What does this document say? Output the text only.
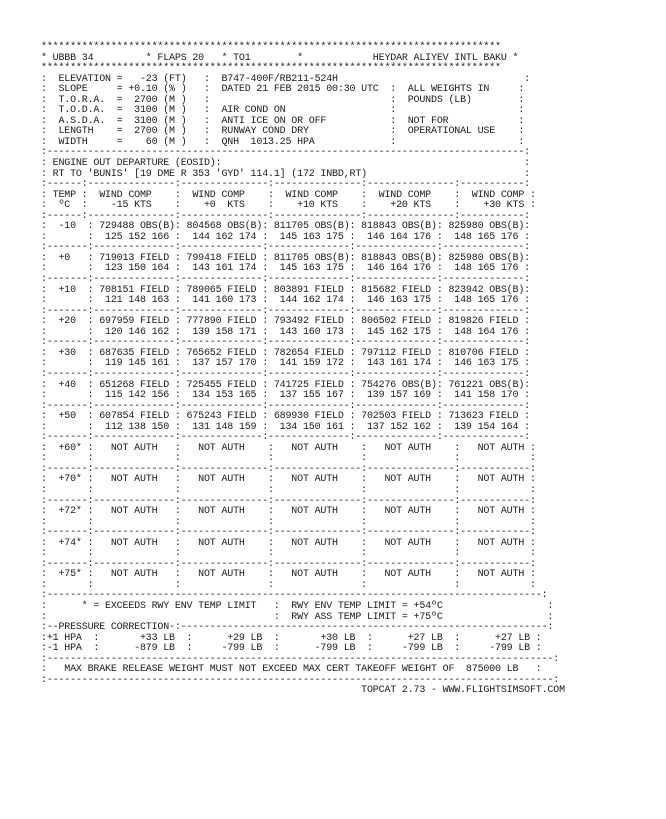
*******************************************************************************
* UBBB 34         * FLAPS 20   * TO1        *            HEYDAR ALIYEV INTL BAKU *
*******************************************************************************
:  ELEVATION =   -23 (FT)   :  B747-400F/RB211-524H                                :
:  SLOPE     = +0.10 (% )   :  DATED 21 FEB 2015 00:30 UTC  :  ALL WEIGHTS IN     :
:  T.O.R.A.  =  2700 (M )   :                               :  POUNDS (LB)        :
:  T.O.D.A.  =  3100 (M )   :  AIR COND ON                  :                     :
:  A.S.D.A.  =  3100 (M )   :  ANTI ICE ON OR OFF           :  NOT FOR            :
:  LENGTH    =  2700 (M )   :  RUNWAY COND DRY              :  OPERATIONAL USE    :
:  WIDTH     =    60 (M )   :  QNH  1013.25 HPA             :                     :
:----------------------------------------------------------------------------------:
: ENGINE OUT DEPARTURE (EOSID):                                                    :
: RT TO 'BUNIS' [19 DME R 353 'GYD' 114.1] (172 INBD,RT)                           :
:------:---------------:---------------:---------------:---------------:-----------:
: TEMP :  WIND COMP    :  WIND COMP    :  WIND COMP    :  WIND COMP    :  WIND COMP :
:  ºC  :    -15 KTS    :    +0  KTS    :    +10 KTS    :    +20 KTS    :    +30 KTS :
:------:---------------:---------------:---------------:---------------:-----------:
:  -10  : 729488 OBS(B): 804568 OBS(B): 811705 OBS(B): 818843 OBS(B): 825980 OBS(B):
:       :  125 152 166 :  144 162 174 :  145 163 175 :  146 164 176 :  148 165 176 :
:-------:--------------:--------------:--------------:--------------:--------------:
:  +0   : 719013 FIELD : 799418 FIELD : 811705 OBS(B): 818843 OBS(B): 825980 OBS(B):
:       :  123 150 164 :  143 161 174 :  145 163 175 :  146 164 176 :  148 165 176 :
:-------:--------------:--------------:--------------:--------------:--------------:
:  +10  : 708151 FIELD : 789065 FIELD : 803891 FIELD : 815682 FIELD : 823942 OBS(B):
:       :  121 148 163 :  141 160 173 :  144 162 174 :  146 163 175 :  148 165 176 :
:-------:--------------:--------------:--------------:--------------:--------------:
:  +20  : 697959 FIELD : 777890 FIELD : 793492 FIELD : 806502 FIELD : 819826 FIELD :
:       :  120 146 162 :  139 158 171 :  143 160 173 :  145 162 175 :  148 164 176 :
:-------:--------------:--------------:--------------:--------------:--------------:
:  +30  : 687635 FIELD : 765652 FIELD : 782654 FIELD : 797112 FIELD : 810706 FIELD :
:       :  119 145 161 :  137 157 170 :  141 159 172 :  143 161 174 :  146 163 175 :
:-------:--------------:--------------:--------------:--------------:--------------:
:  +40  : 651268 FIELD : 725455 FIELD : 741725 FIELD : 754276 OBS(B): 761221 OBS(B):
:       :  115 142 156 :  134 153 165 :  137 155 167 :  139 157 169 :  141 158 170 :
:-------:--------------:--------------:--------------:--------------:--------------:
:  +50  : 607854 FIELD : 675243 FIELD : 689930 FIELD : 702503 FIELD : 713623 FIELD :
:       :  112 138 150 :  131 148 159 :  134 150 161 :  137 152 162 :  139 154 164 :
:-------:--------------:--------------:--------------:--------------:--------------:
:  +60* :   NOT AUTH   :   NOT AUTH    :   NOT AUTH    :   NOT AUTH    :   NOT AUTH :
:       :              :               :               :               :            :
:-------:--------------:---------------:---------------:---------------:------------:
:  +70* :   NOT AUTH   :   NOT AUTH    :   NOT AUTH    :   NOT AUTH    :   NOT AUTH :
:       :              :               :               :               :            :
:-------:--------------:---------------:---------------:---------------:------------:
:  +72* :   NOT AUTH   :   NOT AUTH    :   NOT AUTH    :   NOT AUTH    :   NOT AUTH :
:       :              :               :               :               :            :
:-------:--------------:---------------:---------------:---------------:------------:
:  +74* :   NOT AUTH   :   NOT AUTH    :   NOT AUTH    :   NOT AUTH    :   NOT AUTH :
:       :              :               :               :               :            :
:-------:--------------:---------------:---------------:---------------:------------:
:  +75* :   NOT AUTH   :   NOT AUTH    :   NOT AUTH    :   NOT AUTH    :   NOT AUTH :
:       :              :               :               :               :            :
:-------------------------------------------------------------------------------------:
:      * = EXCEEDS RWY ENV TEMP LIMIT   :  RWY ENV TEMP LIMIT = +54ºC                  :
:                                       :  RWY ASS TEMP LIMIT = +75ºC                  :
:--PRESSURE CORRECTION-:---------------------------------------------------------------:
:+1 HPA  :       +33 LB  :      +29 LB  :       +30 LB  :      +27 LB  :      +27 LB :
:-1 HPA  :      -879 LB  :     -799 LB  :      -799 LB  :     -799 LB  :     -799 LB :
:---------------------------------------------------------------------------------------:
:   MAX BRAKE RELEASE WEIGHT MUST NOT EXCEED MAX CERT TAKEOFF WEIGHT OF  875000 LB   :
:---------------------------------------------------------------------------------------:
TOPCAT 2.73 - WWW.FLIGHTSIMSOFT.COM
